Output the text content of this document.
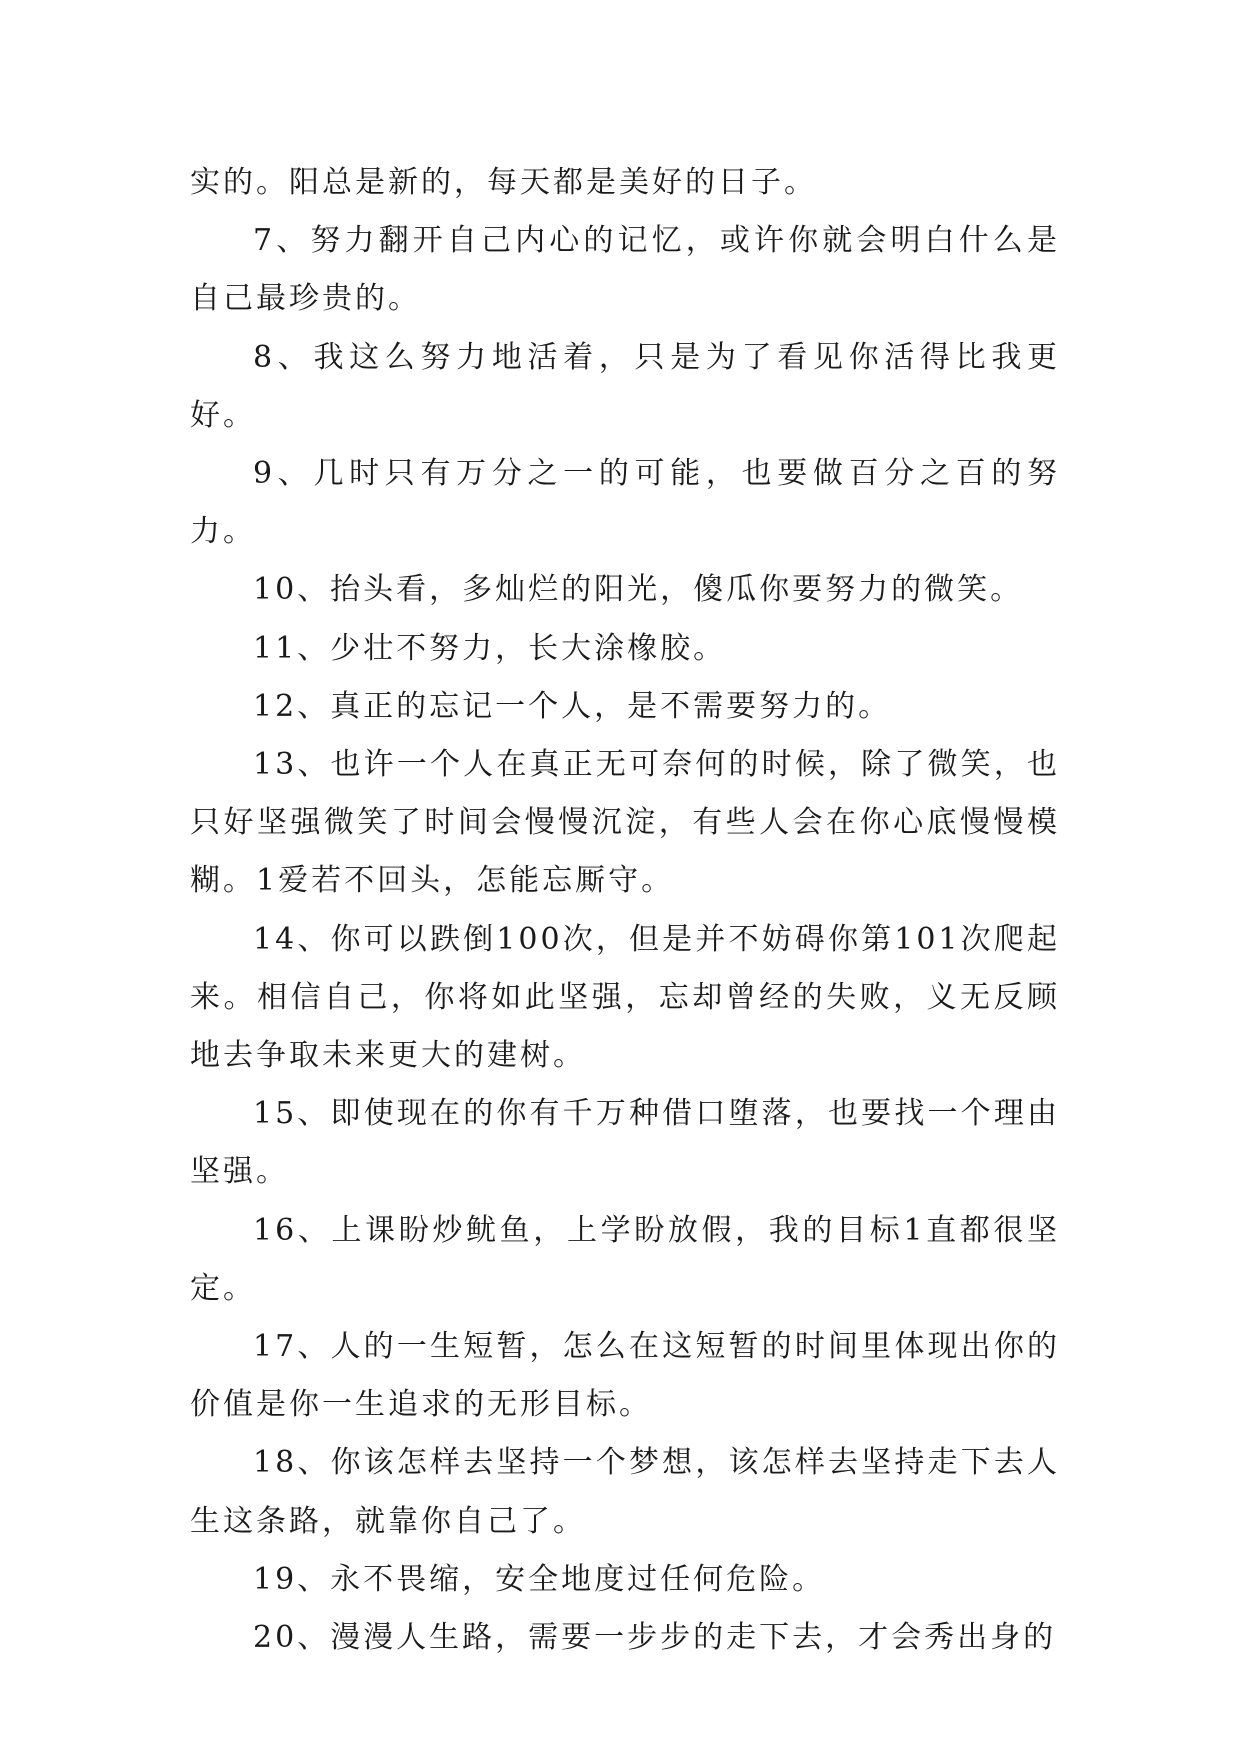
实的。阳总是新的，每天都是美好的日子。

7、努力翻开自己内心的记忆，或许你就会明白什么是自己最珍贵的。

8、我这么努力地活着，只是为了看见你活得比我更好。

9、几时只有万分之一的可能，也要做百分之百的努力。

10、抬头看，多灿烂的阳光，傻瓜你要努力的微笑。

11、少壮不努力，长大涂橡胶。

12、真正的忘记一个人，是不需要努力的。

13、也许一个人在真正无可奈何的时候，除了微笑，也只好坚强微笑了时间会慢慢沉淀，有些人会在你心底慢慢模糊。1爱若不回头，怎能忘厮守。

14、你可以跌倒100次，但是并不妨碍你第101次爬起来。相信自己，你将如此坚强，忘却曾经的失败，义无反顾地去争取未来更大的建树。

15、即使现在的你有千万种借口堕落，也要找一个理由坚强。

16、上课盼炒鱿鱼，上学盼放假，我的目标1直都很坚定。

17、人的一生短暂，怎么在这短暂的时间里体现出你的价值是你一生追求的无形目标。

18、你该怎样去坚持一个梦想，该怎样去坚持走下去人生这条路，就靠你自己了。

19、永不畏缩，安全地度过任何危险。

20、漫漫人生路，需要一步步的走下去，才会秀出身的
